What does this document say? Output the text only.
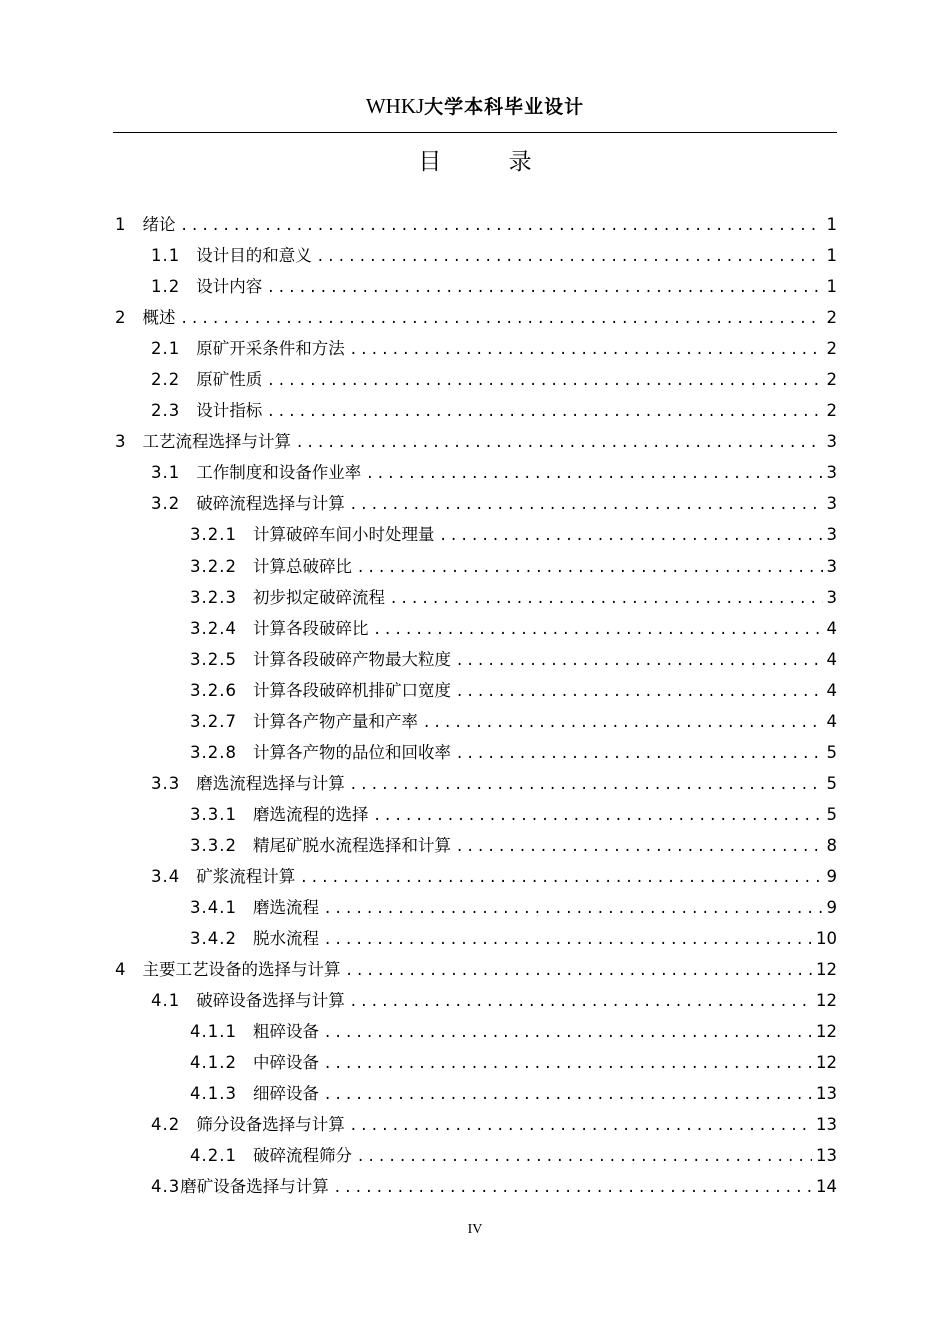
WHKJ大学本科毕业设计
目 录
1 绪论 . . .	1
1.1 设计目的和意义 . . .	1
1.2 设计内容 . . .	1
2 概述 . . .	2
2.1 原矿开采条件和方法 . . .	2
2.2 原矿性质 . . .	2
2.3 设计指标 . . .	2
3 工艺流程选择与计算 . . .	3
3.1 工作制度和设备作业率 . . .	3
3.2 破碎流程选择与计算 . . .	3
3.2.1 计算破碎车间小时处理量 . . .	3
3.2.2 计算总破碎比 . . .	3
3.2.3 初步拟定破碎流程 . . .	3
3.2.4 计算各段破碎比 . . .	4
3.2.5 计算各段破碎产物最大粒度 . . .	4
3.2.6 计算各段破碎机排矿口宽度 . . .	4
3.2.7 计算各产物产量和产率 . . .	4
3.2.8 计算各产物的品位和回收率 . . .	5
3.3 磨选流程选择与计算 . . .	5
3.3.1 磨选流程的选择 . . .	5
3.3.2 精尾矿脱水流程选择和计算 . . .	8
3.4 矿浆流程计算 . . .	9
3.4.1 磨选流程 . . .	9
3.4.2 脱水流程 . . .	10
4 主要工艺设备的选择与计算 . . .	12
4.1 破碎设备选择与计算 . . .	12
4.1.1 粗碎设备 . . .	12
4.1.2 中碎设备 . . .	12
4.1.3 细碎设备 . . .	13
4.2 筛分设备选择与计算 . . .	13
4.2.1 破碎流程筛分 . . .	13
4.3 磨矿设备选择与计算 . . .	14
IV
